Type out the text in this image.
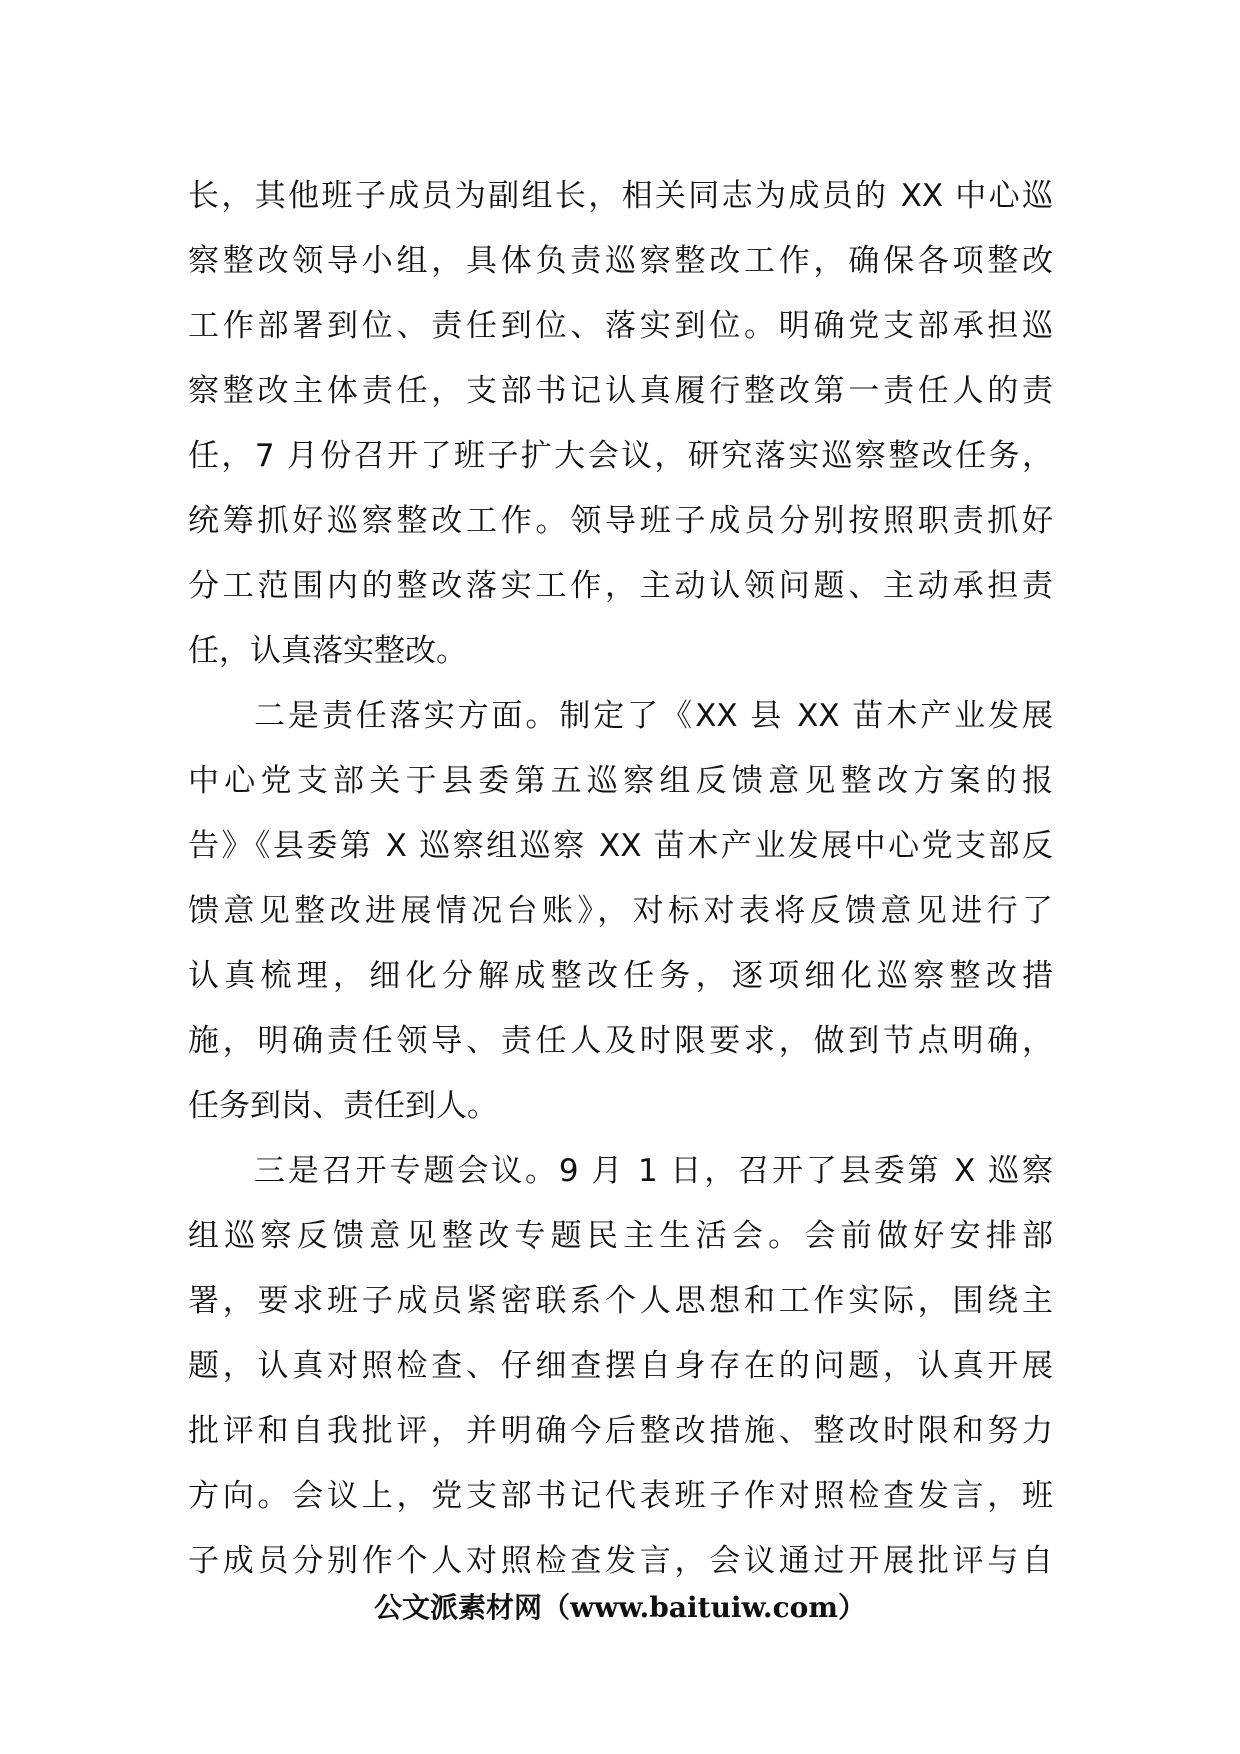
长，其他班子成员为副组长，相关同志为成员的 XX 中心巡
察整改领导小组，具体负责巡察整改工作，确保各项整改
工作部署到位、责任到位、落实到位。明确党支部承担巡
察整改主体责任，支部书记认真履行整改第一责任人的责
任，7 月份召开了班子扩大会议，研究落实巡察整改任务，
统筹抓好巡察整改工作。领导班子成员分别按照职责抓好
分工范围内的整改落实工作，主动认领问题、主动承担责
任，认真落实整改。
二是责任落实方面。制定了《XX 县 XX 苗木产业发展
中心党支部关于县委第五巡察组反馈意见整改方案的报
告》《县委第 X 巡察组巡察 XX 苗木产业发展中心党支部反
馈意见整改进展情况台账》，对标对表将反馈意见进行了
认真梳理，细化分解成整改任务，逐项细化巡察整改措
施，明确责任领导、责任人及时限要求，做到节点明确，
任务到岗、责任到人。
三是召开专题会议。9 月 1 日，召开了县委第 X 巡察
组巡察反馈意见整改专题民主生活会。会前做好安排部
署，要求班子成员紧密联系个人思想和工作实际，围绕主
题，认真对照检查、仔细查摆自身存在的问题，认真开展
批评和自我批评，并明确今后整改措施、整改时限和努力
方向。会议上，党支部书记代表班子作对照检查发言，班
子成员分别作个人对照检查发言，会议通过开展批评与自
公文派素材网（www.baituiw.com）
